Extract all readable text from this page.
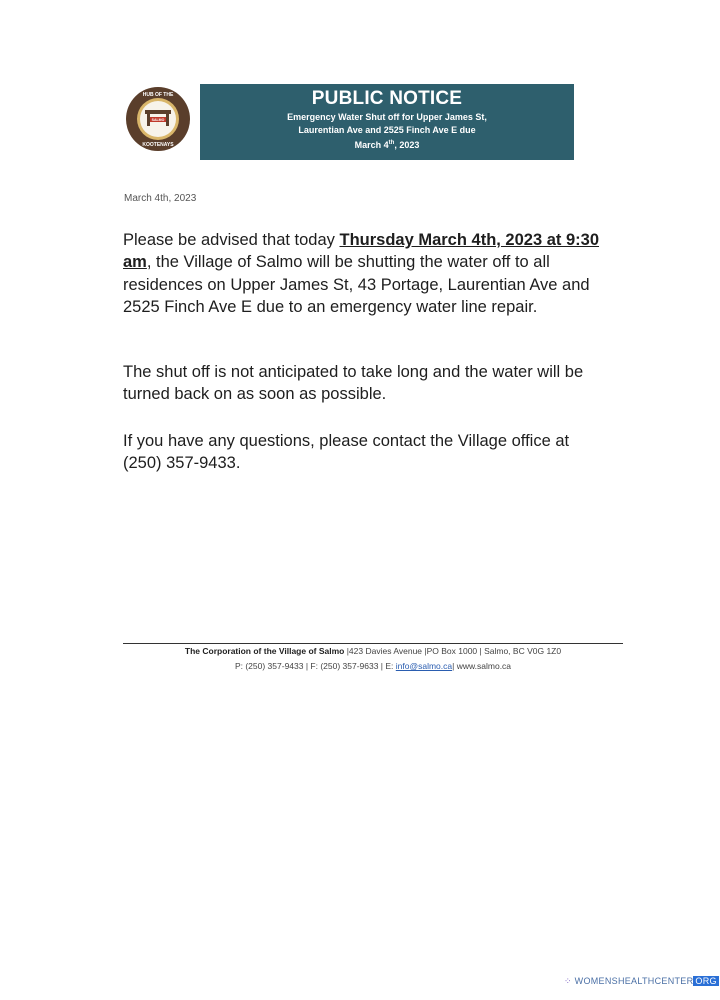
SALMO
HUB OF THE
KOOTENAYS
PUBLIC NOTICE
Emergency Water Shut off for Upper James St,
Laurentian Ave and 2525 Finch Ave E due
March 4th, 2023
March 4th, 2023
Please be advised that today Thursday March 4th, 2023 at 9:30 am, the Village of Salmo will be shutting the water off to all residences on Upper James St, 43 Portage, Laurentian Ave and 2525 Finch Ave E due to an emergency water line repair.
The shut off is not anticipated to take long and the water will be turned back on as soon as possible.
If you have any questions, please contact the Village office at (250) 357-9433.
The Corporation of the Village of Salmo |423 Davies Avenue |PO Box 1000 | Salmo, BC V0G 1Z0
P: (250) 357-9433 | F: (250) 357-9633 | E: info@salmo.ca| www.salmo.ca
⁘ WOMENSHEALTHCENTER ORG
